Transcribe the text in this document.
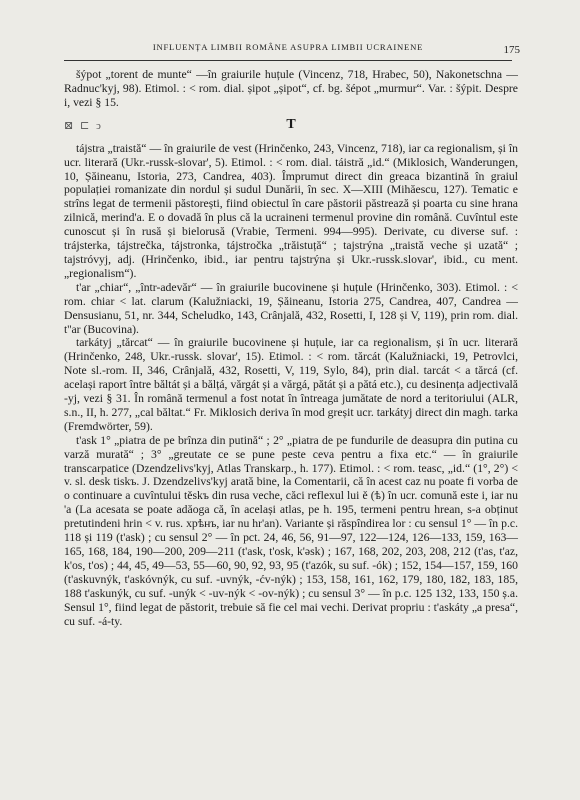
INFLUENȚA LIMBII ROMÂNE ASUPRA LIMBII UCRAINENE	175

šýpot „torent de munte“ —în graiurile huțule (Vincenz, 718, Hrabec, 50), Nakonetschna — Radnuc'kyj, 98). Etimol. : < rom. dial. șipot „șipot“, cf. bg. šépot „murmur“. Var. : šýpit. Despre i, vezi § 15.

⊠ ⊏ ↄ	T

tájstra „traistă“ — în graiurile de vest (Hrinčenko, 243, Vincenz, 718), iar ca regionalism, și în ucr. literară (Ukr.-russk-slovar', 5). Etimol. : < rom. dial. táistră „id.“ (Miklosich, Wanderungen, 10, Șăineanu, Istoria, 273, Candrea, 403). Împrumut direct din greaca bizantină în graiul populației romanizate din nordul și sudul Dunării, în sec. X—XIII (Mihăescu, 127). Tematic e strîns legat de termenii păstorești, fiind obiectul în care păstorii păstrează și poarta cu sine hrana zilnică, merind'a. E o dovadă în plus că la ucraineni termenul provine din română. Cuvîntul este cunoscut și în rusă și bielorusă (Vrabie, Termeni. 994—995). Derivate, cu diverse suf. : trájsterka, tájstrečka, tájstronka, tájstročka „trăistuță“ ; tajstrýna „traistă veche și uzată“ ; tajstróvyj, adj. (Hrinčenko, ibid., iar pentru tajstrýna și Ukr.-russk.slovar', ibid., cu ment. „regionalism“).

t'ar „chiar“, „într-adevăr“ — în graiurile bucovinene și huțule (Hrinčenko, 303). Etimol. : < rom. chiar < lat. clarum (Kalužniacki, 19, Șăineanu, Istoria 275, Candrea, 407, Candrea — Densusianu, 51, nr. 344, Scheludko, 143, Crânjală, 432, Rosetti, I, 128 și V, 119), prin rom. dial. t''ar (Bucovina).

tarkátyj „tărcat“ — în graiurile bucovinene și huțule, iar ca regionalism, și în ucr. literară (Hrinčenko, 248, Ukr.-russk. slovar', 15). Etimol. : < rom. tărcát (Kalužniacki, 19, Petrovlci, Note sl.-rom. II, 346, Crânjală, 432, Rosetti, V, 119, Sylo, 84), prin dial. tarcát < a tărcá (cf. același raport între băltát și a bălțá, vărgát și a vărgá, pătát și a pătá etc.), cu desinența adjectivală -yj, vezi § 31. În română termenul a fost notat în întreaga jumătate de nord a teritoriului (ALR, s.n., II, h. 277, „cal băltat.“ Fr. Miklosich deriva în mod greșit ucr. tarkátyj direct din magh. tarka (Fremdwörter, 59).

t'ask 1° „piatra de pe brînza din putină“ ; 2° „piatra de pe fundurile de deasupra din putina cu varză murată“ ; 3° „greutate ce se pune peste ceva pentru a fixa etc.“ — în graiurile transcarpatice (Dzendzelivs'kyj, Atlas Transkarp., h. 177). Etimol. : < rom. teasc, „id.“ (1°, 2°) < v. sl. desk tiskъ. J. Dzendzelivs'kyj arată bine, la Comentarii, că în acest caz nu poate fi vorba de o continuare a cuvîntului těskъ din rusa veche, căci reflexul lui ě (ѣ) în ucr. comună este i, iar nu 'a (La acesata se poate adăoga că, în același atlas, pe h. 195, termeni pentru hrean, s-a obținut pretutindeni hrin < v. rus. хрѣнъ, iar nu hr'an). Variante și răspîndirea lor : cu sensul 1° — în p.c. 118 și 119 (t'ask) ; cu sensul 2° — în pct. 24, 46, 56, 91—97, 122—124, 126—133, 159, 163—165, 168, 184, 190—200, 209—211 (t'ask, t'osk, k'əsk) ; 167, 168, 202, 203, 208, 212 (t'as, t'az, k'os, t'os) ; 44, 45, 49—53, 55—60, 90, 92, 93, 95 (t'azók, su suf. -ók) ; 152, 154—157, 159, 160 (t'askuvnýk, t'askóvnýk, cu suf. -uvnýk, -ćv-nýk) ; 153, 158, 161, 162, 179, 180, 182, 183, 185, 188 t'askunýk, cu suf. -unýk < -uv-nýk < -ov-nýk) ; cu sensul 3° — în p.c. 125 132, 133, 150 ș.a. Sensul 1°, fiind legat de păstorit, trebuie să fie cel mai vechi. Derivat propriu : t'askáty „a presa“, cu suf. -á-ty.
